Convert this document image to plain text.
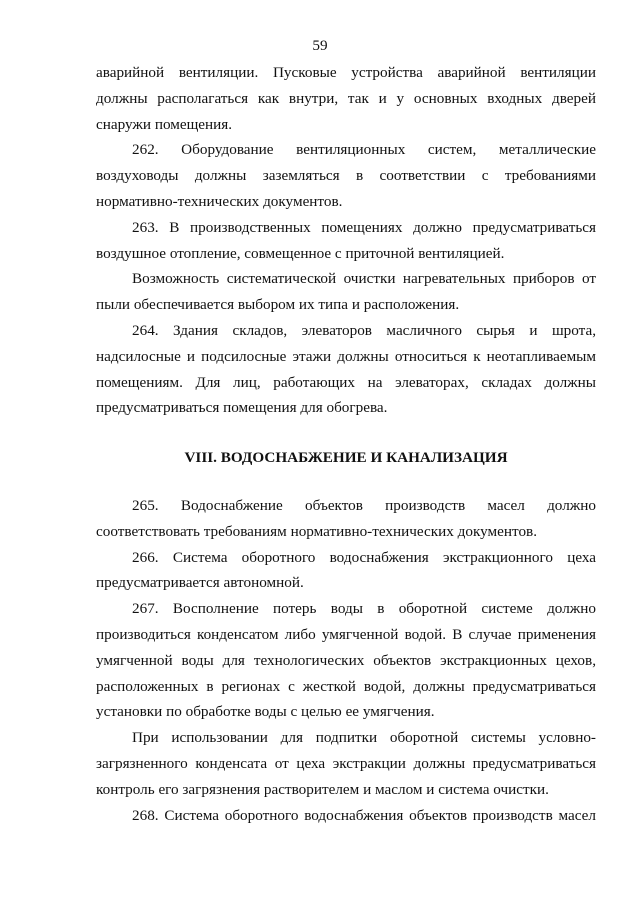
59

аварийной вентиляции. Пусковые устройства аварийной вентиляции должны располагаться как внутри, так и у основных входных дверей снаружи помещения.

262. Оборудование вентиляционных систем, металлические воздуховоды должны заземляться в соответствии с требованиями нормативно-технических документов.

263. В производственных помещениях должно предусматриваться воздушное отопление, совмещенное с приточной вентиляцией.

Возможность систематической очистки нагревательных приборов от пыли обеспечивается выбором их типа и расположения.

264. Здания складов, элеваторов масличного сырья и шрота, надсилосные и подсилосные этажи должны относиться к неотапливаемым помещениям. Для лиц, работающих на элеваторах, складах должны предусматриваться помещения для обогрева.

VIII. ВОДОСНАБЖЕНИЕ И КАНАЛИЗАЦИЯ

265. Водоснабжение объектов производств масел должно соответствовать требованиям нормативно-технических документов.

266. Система оборотного водоснабжения экстракционного цеха предусматривается автономной.

267. Восполнение потерь воды в оборотной системе должно производиться конденсатом либо умягченной водой. В случае применения умягченной воды для технологических объектов экстракционных цехов, расположенных в регионах с жесткой водой, должны предусматриваться установки по обработке воды с целью ее умягчения.

При использовании для подпитки оборотной системы условно-загрязненного конденсата от цеха экстракции должны предусматриваться контроль его загрязнения растворителем и маслом и система очистки.

268. Система оборотного водоснабжения объектов производств масел
